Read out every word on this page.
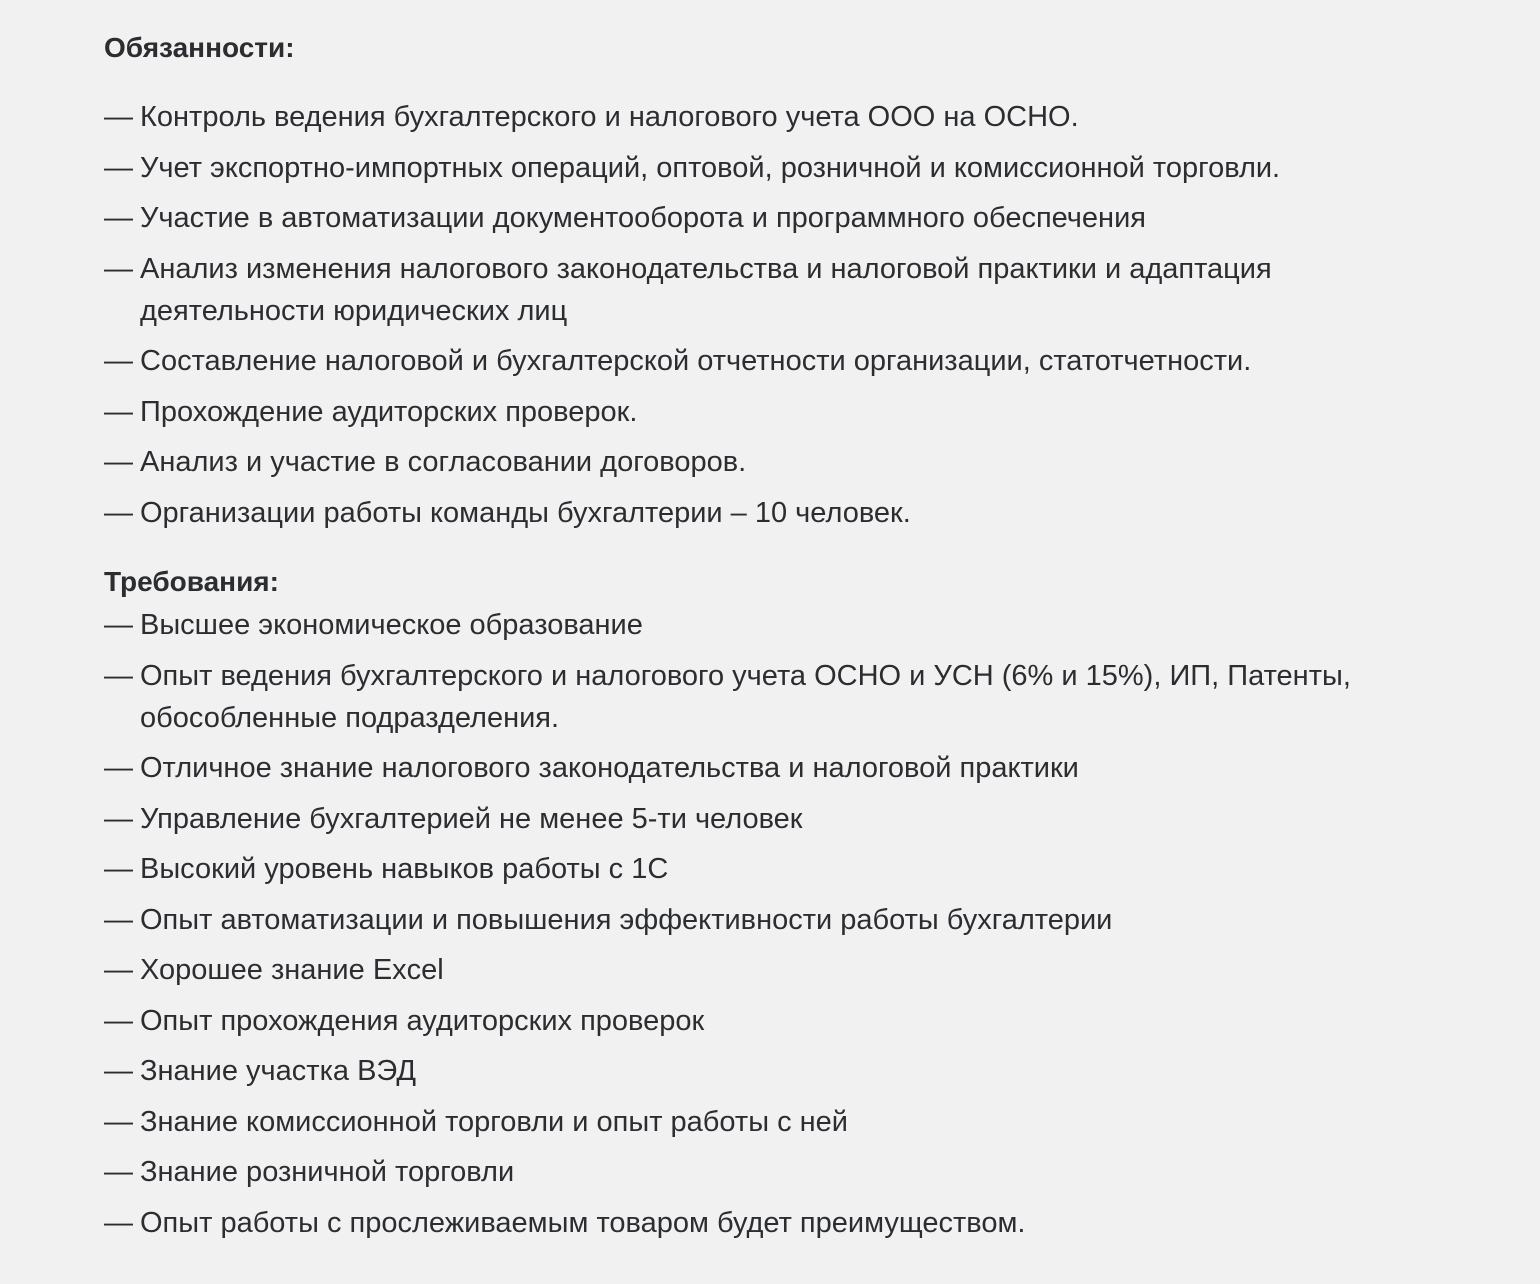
Обязанности:
— Контроль ведения бухгалтерского и налогового учета ООО на ОСНО.
— Учет экспортно-импортных операций, оптовой, розничной и комиссионной торговли.
— Участие в автоматизации документооборота и программного обеспечения
— Анализ изменения налогового законодательства и налоговой практики и адаптация деятельности юридических лиц
— Составление налоговой и бухгалтерской отчетности организации, статотчетности.
— Прохождение аудиторских проверок.
— Анализ и участие в согласовании договоров.
— Организации работы команды бухгалтерии – 10 человек.
Требования:
— Высшее экономическое образование
— Опыт ведения бухгалтерского и налогового учета ОСНО и УСН (6% и 15%), ИП, Патенты, обособленные подразделения.
— Отличное знание налогового законодательства и налоговой практики
— Управление бухгалтерией не менее 5-ти человек
— Высокий уровень навыков работы с 1С
— Опыт автоматизации и повышения эффективности работы бухгалтерии
— Хорошее знание Excel
— Опыт прохождения аудиторских проверок
— Знание участка ВЭД
— Знание комиссионной торговли и опыт работы с ней
— Знание розничной торговли
— Опыт работы с прослеживаемым товаром будет преимуществом.
